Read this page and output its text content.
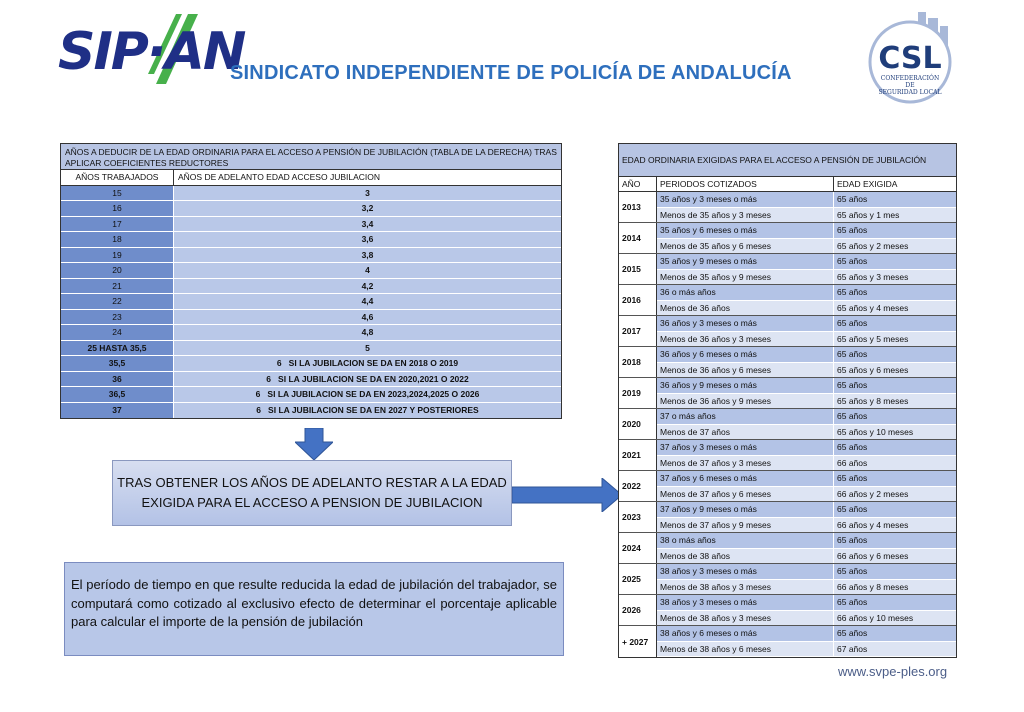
SIP·AN
SINDICATO INDEPENDIENTE DE POLICÍA DE ANDALUCÍA	CSL
CONFEDERACIÓN
DE
SEGURIDAD LOCAL
AÑOS A DEDUCIR DE LA EDAD ORDINARIA PARA EL ACCESO A PENSIÓN DE JUBILACIÓN (TABLA DE LA DERECHA) TRAS APLICAR COEFICIENTES REDUCTORES
AÑOS TRABAJADOS	AÑOS DE ADELANTO EDAD ACCESO JUBILACION
15	3
16	3,2
17	3,4
18	3,6
19	3,8
20	4
21	4,2
22	4,4
23	4,6
24	4,8
25 HASTA 35,5	5
35,5	6   SI LA JUBILACION SE DA EN 2018 O 2019
36	6   SI LA JUBILACION SE DA EN 2020,2021 O 2022
36,5	6   SI LA JUBILACION SE DA EN 2023,2024,2025 O 2026
37	6   SI LA JUBILACION SE DA EN 2027 Y POSTERIORES
TRAS OBTENER LOS AÑOS DE ADELANTO RESTAR A LA EDAD EXIGIDA PARA EL ACCESO A PENSION DE JUBILACION
El período de tiempo en que resulte reducida la edad de jubilación del trabajador, se computará como cotizado al exclusivo efecto de determinar el porcentaje aplicable para calcular el importe de la pensión de jubilación
EDAD ORDINARIA EXIGIDAS PARA EL ACCESO A PENSIÓN DE JUBILACIÓN
AÑO	PERIODOS COTIZADOS	EDAD EXIGIDA
2013
35 años y 3 meses o más	65 años
Menos de 35 años y 3 meses	65 años y 1 mes
2014
35 años y 6 meses o más	65 años
Menos de 35 años y 6 meses	65 años y 2 meses
2015
35 años y 9 meses o más	65 años
Menos de 35 años y 9 meses	65 años y 3 meses
2016
36 o más años	65 años
Menos de 36 años	65 años y 4 meses
2017
36 años y 3 meses o más	65 años
Menos de 36 años y 3 meses	65 años y 5 meses
2018
36 años y 6 meses o más	65 años
Menos de 36 años y 6 meses	65 años y 6 meses
2019
36 años y 9 meses o más	65 años
Menos de 36 años y 9 meses	65 años y 8 meses
2020
37 o más años	65 años
Menos de 37 años	65 años y 10 meses
2021
37 años y 3 meses o más	65 años
Menos de 37 años y 3 meses	66 años
2022
37 años y 6 meses o más	65 años
Menos de 37 años y 6 meses	66 años y 2 meses
2023
37 años y 9 meses o más	65 años
Menos de 37 años y 9 meses	66 años y 4 meses
2024
38 o más años	65 años
Menos de 38 años	66 años y 6 meses
2025
38 años y 3 meses o más	65 años
Menos de 38 años y 3 meses	66 años y 8 meses
2026
38 años y 3 meses o más	65 años
Menos de 38 años y 3 meses	66 años y 10 meses
+ 2027
38 años y 6 meses o más	65 años
Menos de 38 años y 6 meses	67 años
www.svpe-ples.org
